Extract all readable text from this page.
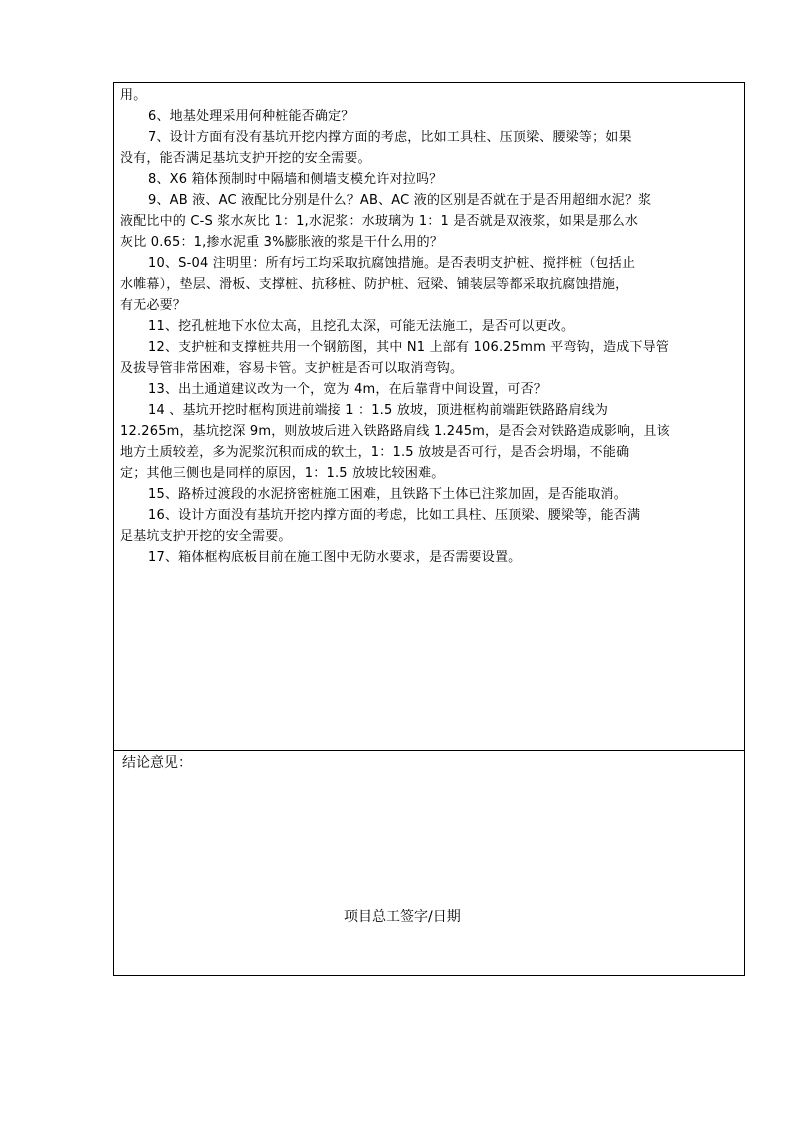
用。
6、地基处理采用何种桩能否确定？
7、设计方面有没有基坑开挖内撑方面的考虑，比如工具柱、压顶梁、腰梁等；如果
没有，能否满足基坑支护开挖的安全需要。
8、X6 箱体预制时中隔墙和侧墙支模允许对拉吗？
9、AB 液、AC 液配比分别是什么？AB、AC 液的区别是否就在于是否用超细水泥？浆
液配比中的 C-S 浆水灰比 1：1,水泥浆：水玻璃为 1：1 是否就是双液浆，如果是那么水
灰比 0.65：1,掺水泥重 3%膨胀液的浆是干什么用的？
10、S-04 注明里：所有圬工均采取抗腐蚀措施。是否表明支护桩、搅拌桩（包括止
水帷幕），垫层、滑板、支撑桩、抗移桩、防护桩、冠梁、铺装层等都采取抗腐蚀措施，
有无必要？
11、挖孔桩地下水位太高，且挖孔太深，可能无法施工，是否可以更改。
12、支护桩和支撑桩共用一个钢筋图，其中 N1 上部有 106.25mm 平弯钩，造成下导管
及拔导管非常困难，容易卡管。支护桩是否可以取消弯钩。
13、出土通道建议改为一个，宽为 4m，在后靠背中间设置，可否？
14 、基坑开挖时框构顶进前端接 1 ：1.5 放坡，顶进框构前端距铁路路肩线为
12.265m，基坑挖深 9m，则放坡后进入铁路路肩线 1.245m，是否会对铁路造成影响，且该
地方土质较差，多为泥浆沉积而成的软土，1：1.5 放坡是否可行，是否会坍塌，不能确
定；其他三侧也是同样的原因，1：1.5 放坡比较困难。
15、路桥过渡段的水泥挤密桩施工困难，且铁路下土体已注浆加固，是否能取消。
16、设计方面没有基坑开挖内撑方面的考虑，比如工具柱、压顶梁、腰梁等，能否满
足基坑支护开挖的安全需要。
17、箱体框构底板目前在施工图中无防水要求，是否需要设置。
结论意见：
项目总工签字/日期
